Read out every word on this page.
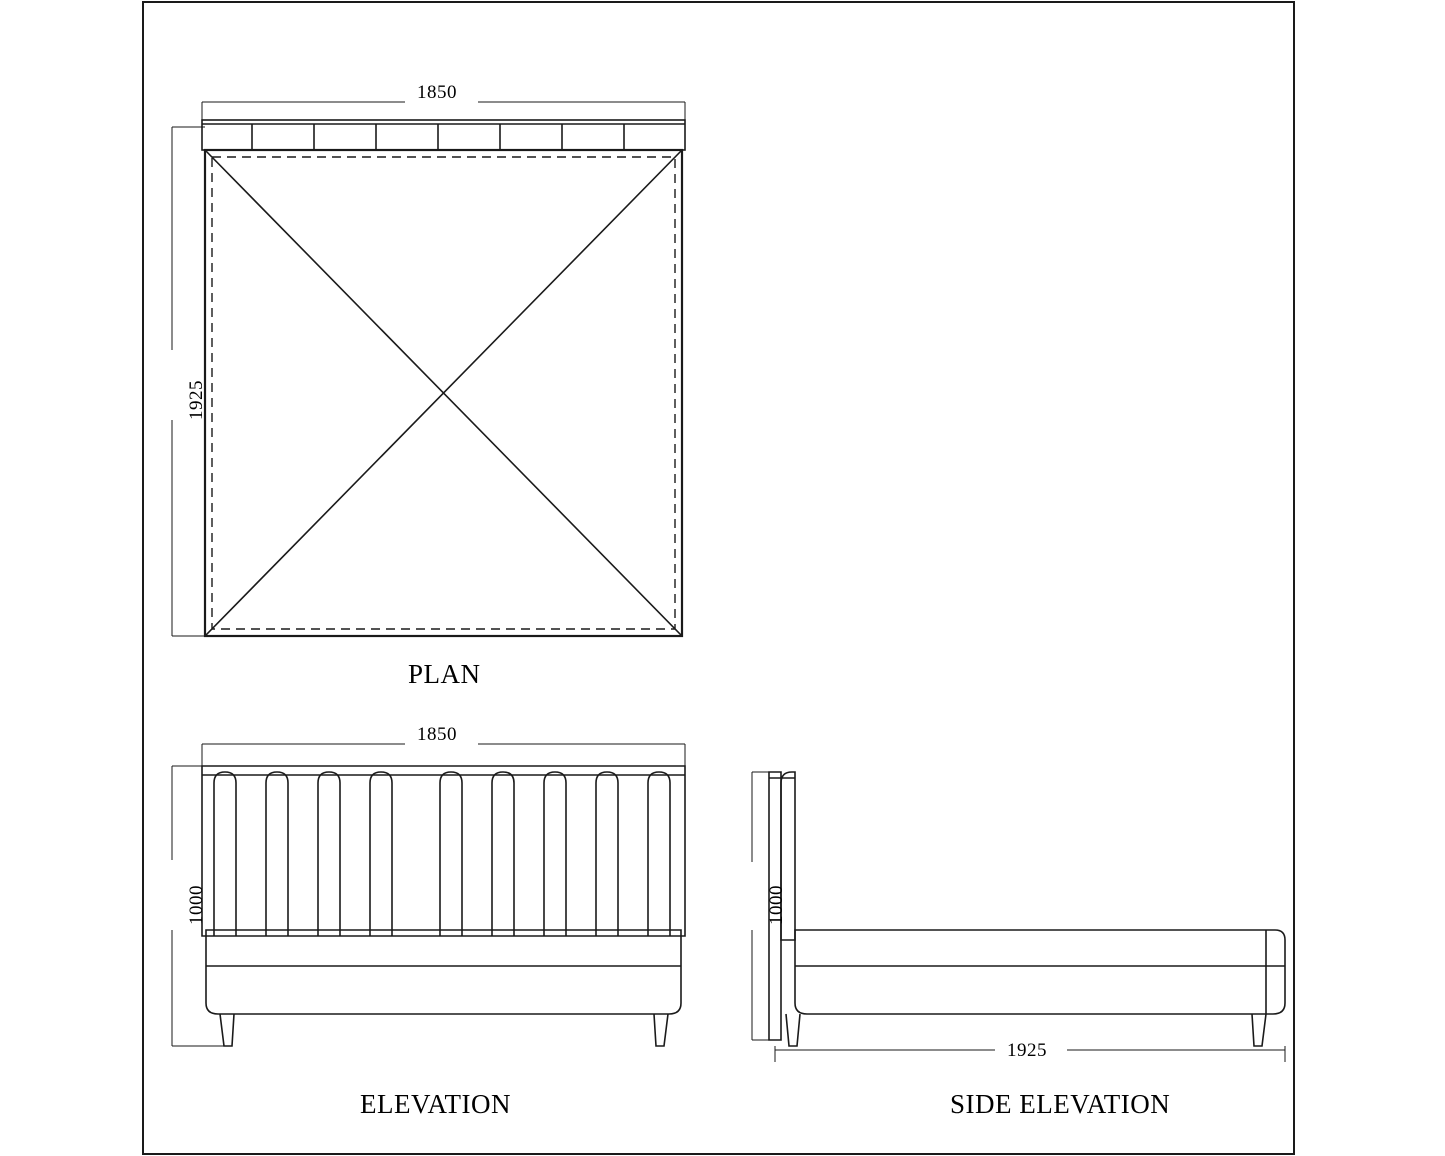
1850
1925
PLAN
1850
1000
ELEVATION
1000
1925
SIDE ELEVATION
